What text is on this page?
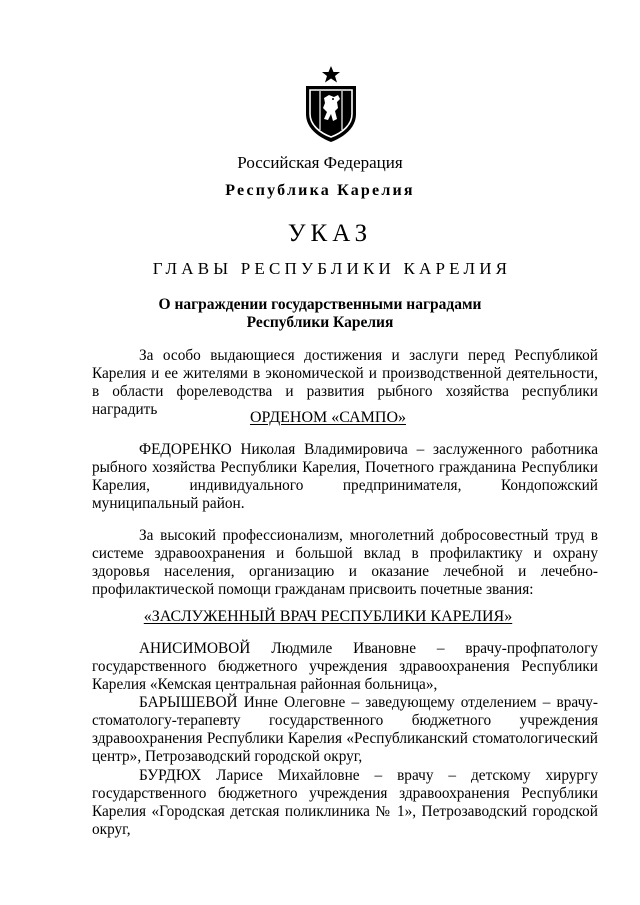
Российская Федерация
Республика Карелия
УКАЗ
ГЛАВЫ РЕСПУБЛИКИ КАРЕЛИЯ
О награждении государственными наградами
Республики Карелия

За особо выдающиеся достижения и заслуги перед Республикой Карелия и ее жителями в экономической и производственной деятельности, в области форелеводства и развития рыбного хозяйства республики наградить	ОРДЕНОМ «САМПО»

ФЕДОРЕНКО Николая Владимировича – заслуженного работника рыбного хозяйства Республики Карелия, Почетного гражданина Республики Карелия, индивидуального предпринимателя, Кондопожский муниципальный район.

За высокий профессионализм, многолетний добросовестный труд в системе здравоохранения и большой вклад в профилактику и охрану здоровья населения, организацию и оказание лечебной и лечебно-профилактической помощи гражданам присвоить почетные звания:

«ЗАСЛУЖЕННЫЙ ВРАЧ РЕСПУБЛИКИ КАРЕЛИЯ»

АНИСИМОВОЙ Людмиле Ивановне – врачу-профпатологу государственного бюджетного учреждения здравоохранения Республики Карелия «Кемская центральная районная больница»,

БАРЫШЕВОЙ Инне Олеговне – заведующему отделением – врачу-стоматологу-терапевту государственного бюджетного учреждения здравоохранения Республики Карелия «Республиканский стоматологический центр», Петрозаводский городской округ,

БУРДЮХ Ларисе Михайловне – врачу – детскому хирургу государственного бюджетного учреждения здравоохранения Республики Карелия «Городская детская поликлиника № 1», Петрозаводский городской округ,
